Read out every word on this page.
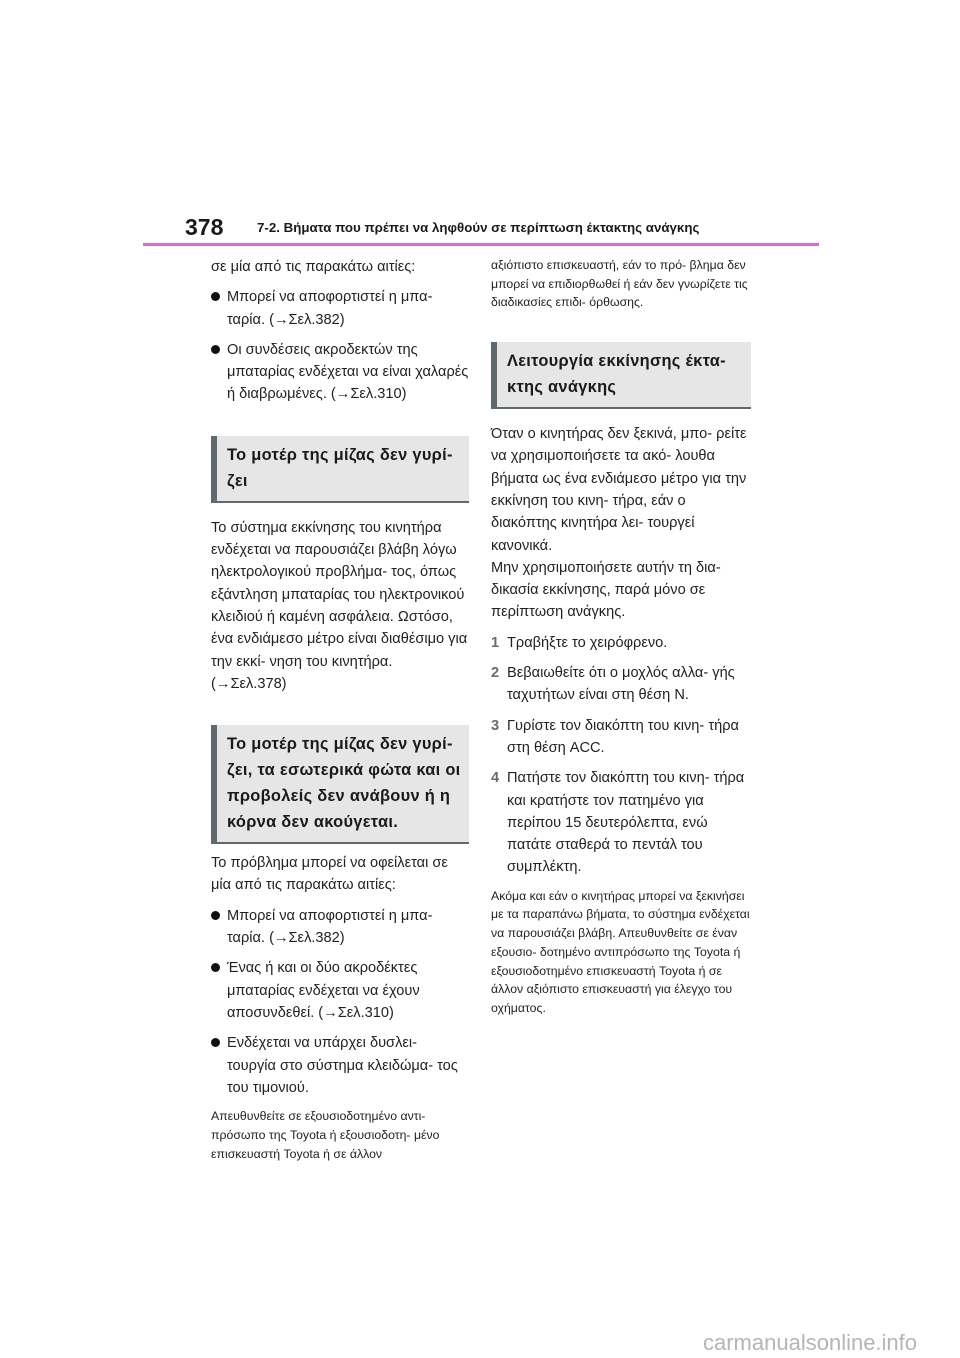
378	7-2. Βήματα που πρέπει να ληφθούν σε περίπτωση έκτακτης ανάγκης

σε μία από τις παρακάτω αιτίες:

Μπορεί να αποφορτιστεί η μπα- ταρία. (→Σελ.382)
Οι συνδέσεις ακροδεκτών της μπαταρίας ενδέχεται να είναι χαλαρές ή διαβρωμένες. (→Σελ.310)
Το μοτέρ της μίζας δεν γυρί- ζει

Το σύστημα εκκίνησης του κινητήρα ενδέχεται να παρουσιάζει βλάβη λόγω ηλεκτρολογικού προβλήμα- τος, όπως εξάντληση μπαταρίας του ηλεκτρονικού κλειδιού ή καμένη ασφάλεια. Ωστόσο, ένα ενδιάμεσο μέτρο είναι διαθέσιμο για την εκκί- νηση του κινητήρα. (→Σελ.378)

Το μοτέρ της μίζας δεν γυρί- ζει, τα εσωτερικά φώτα και οι προβολείς δεν ανάβουν ή η κόρνα δεν ακούγεται.

Το πρόβλημα μπορεί να οφείλεται σε μία από τις παρακάτω αιτίες:

Μπορεί να αποφορτιστεί η μπα- ταρία. (→Σελ.382)
Ένας ή και οι δύο ακροδέκτες μπαταρίας ενδέχεται να έχουν αποσυνδεθεί. (→Σελ.310)
Ενδέχεται να υπάρχει δυσλει- τουργία στο σύστημα κλειδώμα- τος του τιμονιού.

Απευθυνθείτε σε εξουσιοδοτημένο αντι- πρόσωπο της Toyota ή εξουσιοδοτη- μένο επισκευαστή Toyota ή σε άλλον

αξιόπιστο επισκευαστή, εάν το πρό- βλημα δεν μπορεί να επιδιορθωθεί ή εάν δεν γνωρίζετε τις διαδικασίες επιδι- όρθωσης.

Λειτουργία εκκίνησης έκτα- κτης ανάγκης

Όταν ο κινητήρας δεν ξεκινά, μπο- ρείτε να χρησιμοποιήσετε τα ακό- λουθα βήματα ως ένα ενδιάμεσο μέτρο για την εκκίνηση του κινη- τήρα, εάν ο διακόπτης κινητήρα λει- τουργεί κανονικά.

Μην χρησιμοποιήσετε αυτήν τη δια- δικασία εκκίνησης, παρά μόνο σε περίπτωση ανάγκης.

1 Τραβήξτε το χειρόφρενο.
2 Βεβαιωθείτε ότι ο μοχλός αλλα- γής ταχυτήτων είναι στη θέση N.
3 Γυρίστε τον διακόπτη του κινη- τήρα στη θέση ACC.
4 Πατήστε τον διακόπτη του κινη- τήρα και κρατήστε τον πατημένο για περίπου 15 δευτερόλεπτα, ενώ πατάτε σταθερά το πεντάλ του συμπλέκτη.

Ακόμα και εάν ο κινητήρας μπορεί να ξεκινήσει με τα παραπάνω βήματα, το σύστημα ενδέχεται να παρουσιάζει βλάβη. Απευθυνθείτε σε έναν εξουσιο- δοτημένο αντιπρόσωπο της Toyota ή εξουσιοδοτημένο επισκευαστή Toyota ή σε άλλον αξιόπιστο επισκευαστή για έλεγχο του οχήματος.

carmanualsonline.info
